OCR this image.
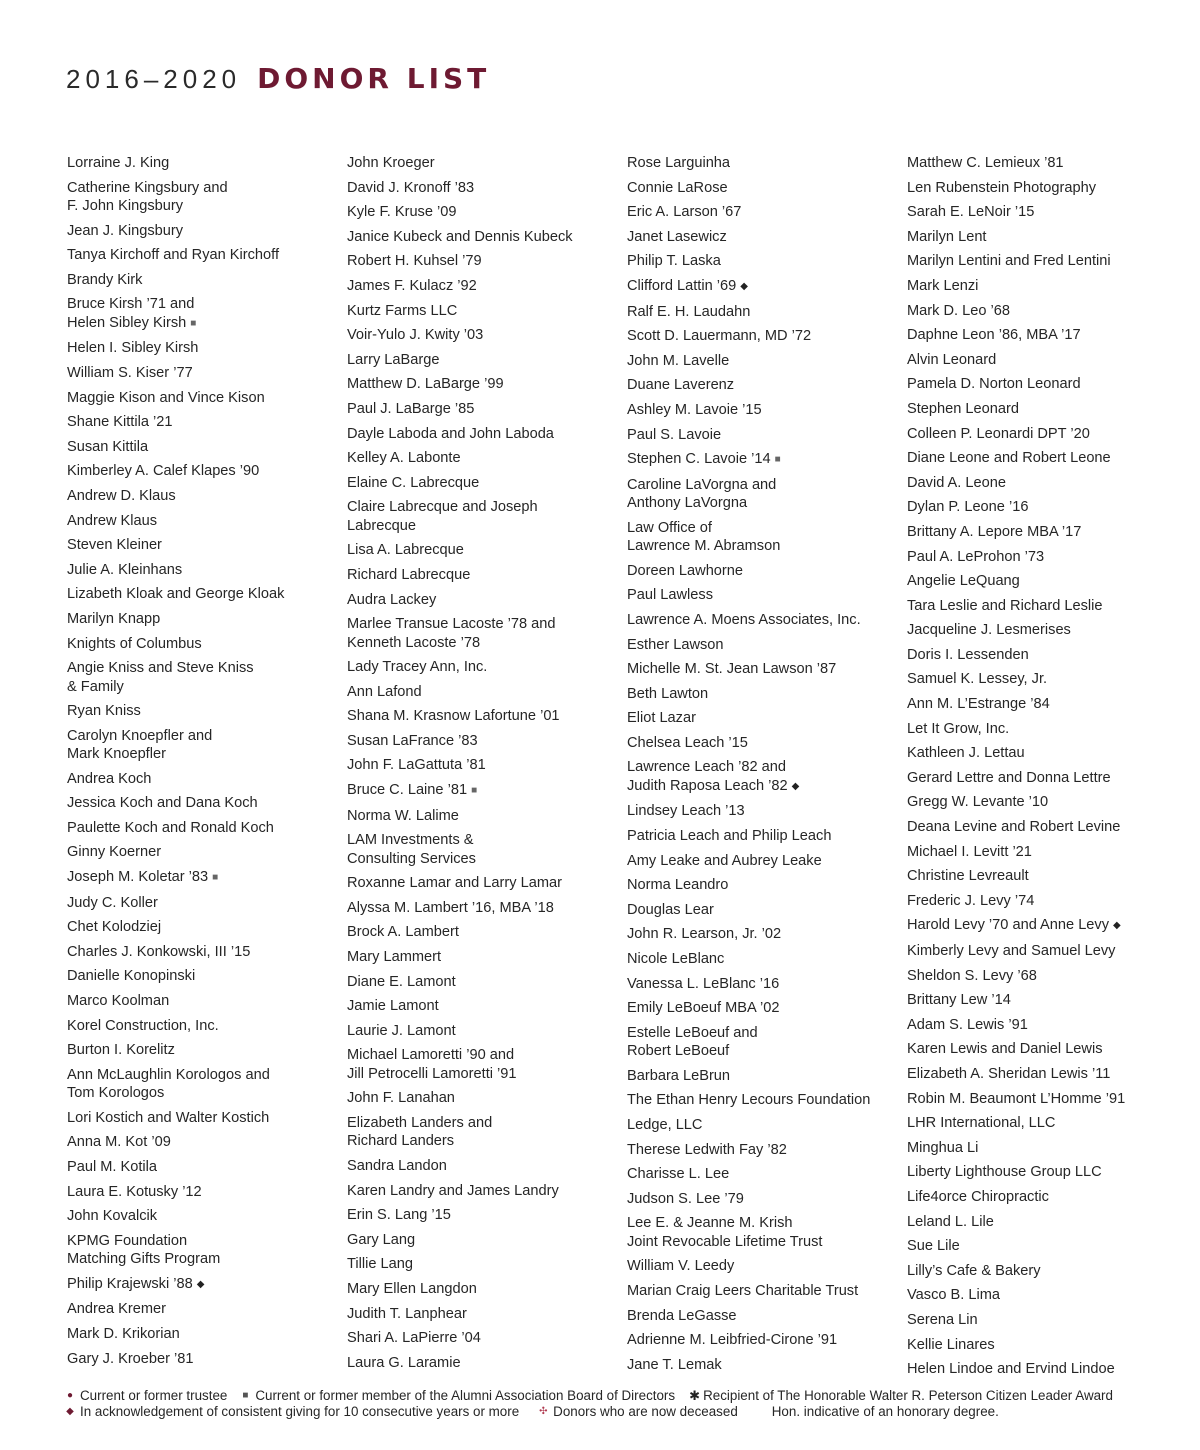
2016–2020 DONOR LIST
Lorraine J. King
Catherine Kingsbury and
F. John Kingsbury
Jean J. Kingsbury
Tanya Kirchoff and Ryan Kirchoff
Brandy Kirk
Bruce Kirsh ’71 and
Helen Sibley Kirsh ■
Helen I. Sibley Kirsh
William S. Kiser ’77
Maggie Kison and Vince Kison
Shane Kittila ’21
Susan Kittila
Kimberley A. Calef Klapes ’90
Andrew D. Klaus
Andrew Klaus
Steven Kleiner
Julie A. Kleinhans
Lizabeth Kloak and George Kloak
Marilyn Knapp
Knights of Columbus
Angie Kniss and Steve Kniss
& Family
Ryan Kniss
Carolyn Knoepfler and
Mark Knoepfler
Andrea Koch
Jessica Koch and Dana Koch
Paulette Koch and Ronald Koch
Ginny Koerner
Joseph M. Koletar ’83 ■
Judy C. Koller
Chet Kolodziej
Charles J. Konkowski, III ’15
Danielle Konopinski
Marco Koolman
Korel Construction, Inc.
Burton I. Korelitz
Ann McLaughlin Korologos and
Tom Korologos
Lori Kostich and Walter Kostich
Anna M. Kot ’09
Paul M. Kotila
Laura E. Kotusky ’12
John Kovalcik
KPMG Foundation
Matching Gifts Program
Philip Krajewski ’88 ◆
Andrea Kremer
Mark D. Krikorian
Gary J. Kroeber ’81
John Kroeger
David J. Kronoff ’83
Kyle F. Kruse ’09
Janice Kubeck and Dennis Kubeck
Robert H. Kuhsel ’79
James F. Kulacz ’92
Kurtz Farms LLC
Voir-Yulo J. Kwity ’03
Larry LaBarge
Matthew D. LaBarge ’99
Paul J. LaBarge ’85
Dayle Laboda and John Laboda
Kelley A. Labonte
Elaine C. Labrecque
Claire Labrecque and Joseph
Labrecque
Lisa A. Labrecque
Richard Labrecque
Audra Lackey
Marlee Transue Lacoste ’78 and
Kenneth Lacoste ’78
Lady Tracey Ann, Inc.
Ann Lafond
Shana M. Krasnow Lafortune ’01
Susan LaFrance ’83
John F. LaGattuta ’81
Bruce C. Laine ’81 ■
Norma W. Lalime
LAM Investments &
Consulting Services
Roxanne Lamar and Larry Lamar
Alyssa M. Lambert ’16, MBA ’18
Brock A. Lambert
Mary Lammert
Diane E. Lamont
Jamie Lamont
Laurie J. Lamont
Michael Lamoretti ’90 and
Jill Petrocelli Lamoretti ’91
John F. Lanahan
Elizabeth Landers and
Richard Landers
Sandra Landon
Karen Landry and James Landry
Erin S. Lang ’15
Gary Lang
Tillie Lang
Mary Ellen Langdon
Judith T. Lanphear
Shari A. LaPierre ’04
Laura G. Laramie
Rose Larguinha
Connie LaRose
Eric A. Larson ’67
Janet Lasewicz
Philip T. Laska
Clifford Lattin ’69 ◆
Ralf E. H. Laudahn
Scott D. Lauermann, MD ’72
John M. Lavelle
Duane Laverenz
Ashley M. Lavoie ’15
Paul S. Lavoie
Stephen C. Lavoie ’14 ■
Caroline LaVorgna and
Anthony LaVorgna
Law Office of
Lawrence M. Abramson
Doreen Lawhorne
Paul Lawless
Lawrence A. Moens Associates, Inc.
Esther Lawson
Michelle M. St. Jean Lawson ’87
Beth Lawton
Eliot Lazar
Chelsea Leach ’15
Lawrence Leach ’82 and
Judith Raposa Leach ’82 ◆
Lindsey Leach ’13
Patricia Leach and Philip Leach
Amy Leake and Aubrey Leake
Norma Leandro
Douglas Lear
John R. Learson, Jr. ’02
Nicole LeBlanc
Vanessa L. LeBlanc ’16
Emily LeBoeuf MBA ’02
Estelle LeBoeuf and
Robert LeBoeuf
Barbara LeBrun
The Ethan Henry Lecours Foundation
Ledge, LLC
Therese Ledwith Fay ’82
Charisse L. Lee
Judson S. Lee ’79
Lee E. & Jeanne M. Krish
Joint Revocable Lifetime Trust
William V. Leedy
Marian Craig Leers Charitable Trust
Brenda LeGasse
Adrienne M. Leibfried-Cirone ’91
Jane T. Lemak
Matthew C. Lemieux ’81
Len Rubenstein Photography
Sarah E. LeNoir ’15
Marilyn Lent
Marilyn Lentini and Fred Lentini
Mark Lenzi
Mark D. Leo ’68
Daphne Leon ’86, MBA ’17
Alvin Leonard
Pamela D. Norton Leonard
Stephen Leonard
Colleen P. Leonardi DPT ’20
Diane Leone and Robert Leone
David A. Leone
Dylan P. Leone ’16
Brittany A. Lepore MBA ’17
Paul A. LeProhon ’73
Angelie LeQuang
Tara Leslie and Richard Leslie
Jacqueline J. Lesmerises
Doris I. Lessenden
Samuel K. Lessey, Jr.
Ann M. L’Estrange ’84
Let It Grow, Inc.
Kathleen J. Lettau
Gerard Lettre and Donna Lettre
Gregg W. Levante ’10
Deana Levine and Robert Levine
Michael I. Levitt ’21
Christine Levreault
Frederic J. Levy ’74
Harold Levy ’70 and Anne Levy ◆
Kimberly Levy and Samuel Levy
Sheldon S. Levy ’68
Brittany Lew ’14
Adam S. Lewis ’91
Karen Lewis and Daniel Lewis
Elizabeth A. Sheridan Lewis ’11
Robin M. Beaumont L’Homme ’91
LHR International, LLC
Minghua Li
Liberty Lighthouse Group LLC
Life4orce Chiropractic
Leland L. Lile
Sue Lile
Lilly’s Cafe & Bakery
Vasco B. Lima
Serena Lin
Kellie Linares
Helen Lindoe and Ervind Lindoe
● Current or former trustee ■ Current or former member of the Alumni Association Board of Directors ✱ Recipient of The Honorable Walter R. Peterson Citizen Leader Award
◆ In acknowledgement of consistent giving for 10 consecutive years or more ✣ Donors who are now deceased	Hon. indicative of an honorary degree.
